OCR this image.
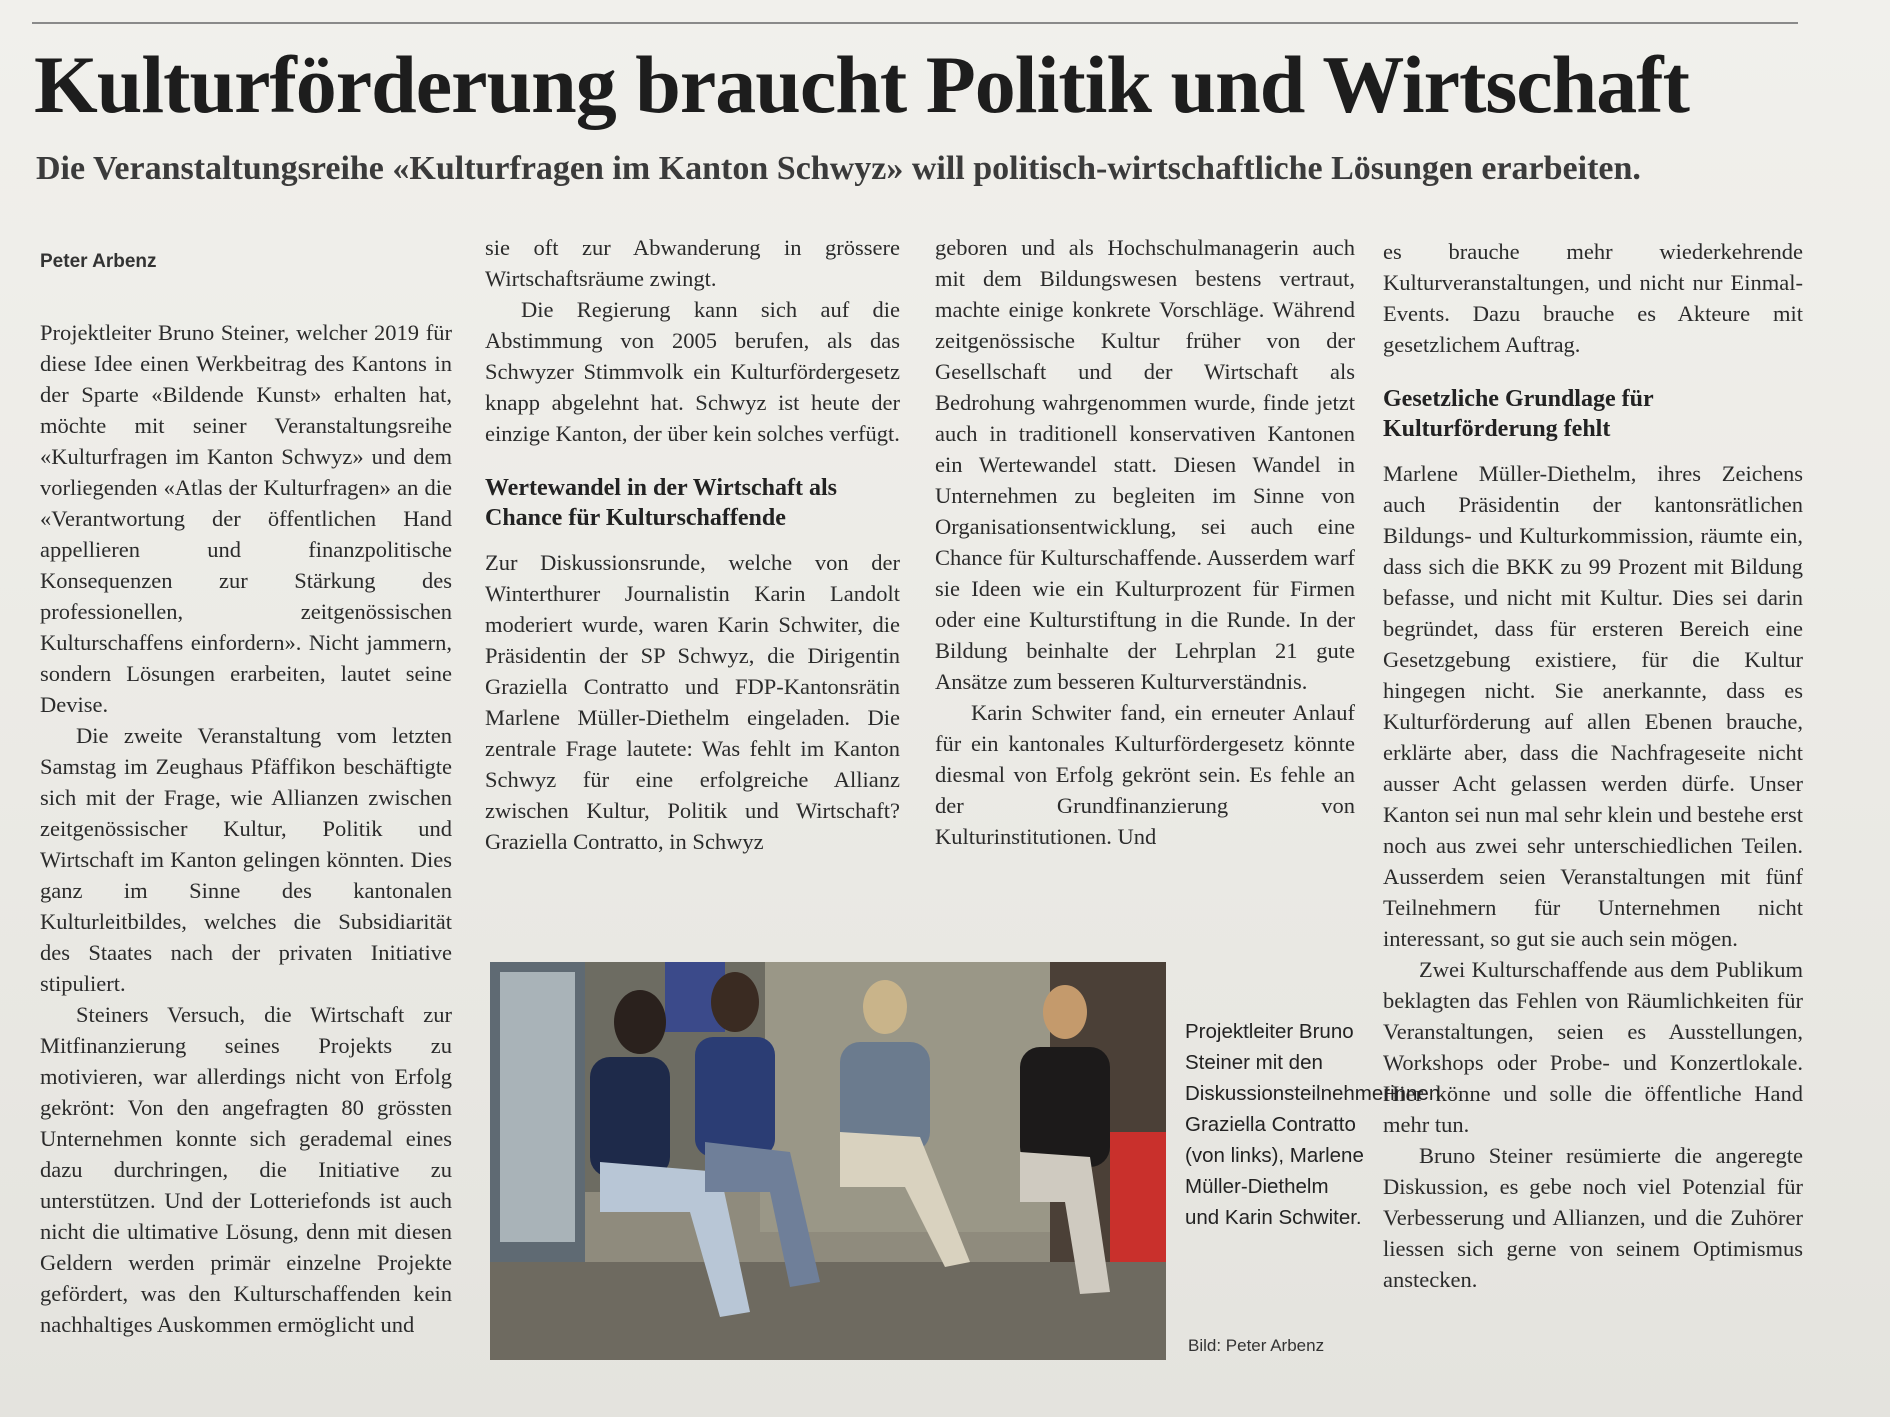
Kulturförderung braucht Politik und Wirtschaft
Die Veranstaltungsreihe «Kulturfragen im Kanton Schwyz» will politisch-wirtschaftliche Lösungen erarbeiten.
Peter Arbenz

Projektleiter Bruno Steiner, welcher 2019 für diese Idee einen Werkbeitrag des Kantons in der Sparte «Bildende Kunst» erhalten hat, möchte mit seiner Veranstaltungsreihe «Kulturfragen im Kanton Schwyz» und dem vorliegenden «Atlas der Kulturfragen» an die «Verantwortung der öffentlichen Hand appellieren und finanzpolitische Konsequenzen zur Stärkung des professionellen, zeitgenössischen Kulturschaffens einfordern». Nicht jammern, sondern Lösungen erarbeiten, lautet seine Devise.

Die zweite Veranstaltung vom letzten Samstag im Zeughaus Pfäffikon beschäftigte sich mit der Frage, wie Allianzen zwischen zeitgenössischer Kultur, Politik und Wirtschaft im Kanton gelingen könnten. Dies ganz im Sinne des kantonalen Kulturleitbildes, welches die Subsidiarität des Staates nach der privaten Initiative stipuliert.

Steiners Versuch, die Wirtschaft zur Mitfinanzierung seines Projekts zu motivieren, war allerdings nicht von Erfolg gekrönt: Von den angefragten 80 grössten Unternehmen konnte sich gerademal eines dazu durchringen, die Initiative zu unterstützen. Und der Lotteriefonds ist auch nicht die ultimative Lösung, denn mit diesen Geldern werden primär einzelne Projekte gefördert, was den Kulturschaffenden kein nachhaltiges Auskommen ermöglicht und

sie oft zur Abwanderung in grössere Wirtschaftsräume zwingt.

Die Regierung kann sich auf die Abstimmung von 2005 berufen, als das Schwyzer Stimmvolk ein Kulturfördergesetz knapp abgelehnt hat. Schwyz ist heute der einzige Kanton, der über kein solches verfügt.

Wertewandel in der Wirtschaft als Chance für Kulturschaffende

Zur Diskussionsrunde, welche von der Winterthurer Journalistin Karin Landolt moderiert wurde, waren Karin Schwiter, die Präsidentin der SP Schwyz, die Dirigentin Graziella Contratto und FDP-Kantonsrätin Marlene Müller-Diethelm eingeladen. Die zentrale Frage lautete: Was fehlt im Kanton Schwyz für eine erfolgreiche Allianz zwischen Kultur, Politik und Wirtschaft? Graziella Contratto, in Schwyz

geboren und als Hochschulmanagerin auch mit dem Bildungswesen bestens vertraut, machte einige konkrete Vorschläge. Während zeitgenössische Kultur früher von der Gesellschaft und der Wirtschaft als Bedrohung wahrgenommen wurde, finde jetzt auch in traditionell konservativen Kantonen ein Wertewandel statt. Diesen Wandel in Unternehmen zu begleiten im Sinne von Organisationsentwicklung, sei auch eine Chance für Kulturschaffende. Ausserdem warf sie Ideen wie ein Kulturprozent für Firmen oder eine Kulturstiftung in die Runde. In der Bildung beinhalte der Lehrplan 21 gute Ansätze zum besseren Kulturverständnis.

Karin Schwiter fand, ein erneuter Anlauf für ein kantonales Kulturfördergesetz könnte diesmal von Erfolg gekrönt sein. Es fehle an der Grundfinanzierung von Kulturinstitutionen. Und

es brauche mehr wiederkehrende Kulturveranstaltungen, und nicht nur Einmal-Events. Dazu brauche es Akteure mit gesetzlichem Auftrag.

Gesetzliche Grundlage für Kulturförderung fehlt

Marlene Müller-Diethelm, ihres Zeichens auch Präsidentin der kantonsrätlichen Bildungs- und Kulturkommission, räumte ein, dass sich die BKK zu 99 Prozent mit Bildung befasse, und nicht mit Kultur. Dies sei darin begründet, dass für ersteren Bereich eine Gesetzgebung existiere, für die Kultur hingegen nicht. Sie anerkannte, dass es Kulturförderung auf allen Ebenen brauche, erklärte aber, dass die Nachfrageseite nicht ausser Acht gelassen werden dürfe. Unser Kanton sei nun mal sehr klein und bestehe erst noch aus zwei sehr unterschiedlichen Teilen. Ausserdem seien Veranstaltungen mit fünf Teilnehmern für Unternehmen nicht interessant, so gut sie auch sein mögen.

Zwei Kulturschaffende aus dem Publikum beklagten das Fehlen von Räumlichkeiten für Veranstaltungen, seien es Ausstellungen, Workshops oder Probe- und Konzertlokale. Hier könne und solle die öffentliche Hand mehr tun.

Bruno Steiner resümierte die angeregte Diskussion, es gebe noch viel Potenzial für Verbesserung und Allianzen, und die Zuhörer liessen sich gerne von seinem Optimismus anstecken.

Projektleiter Bruno Steiner mit den Diskussionsteilnehmerinnen Graziella Contratto (von links), Marlene Müller-Diethelm und Karin Schwiter.
Bild: Peter Arbenz
